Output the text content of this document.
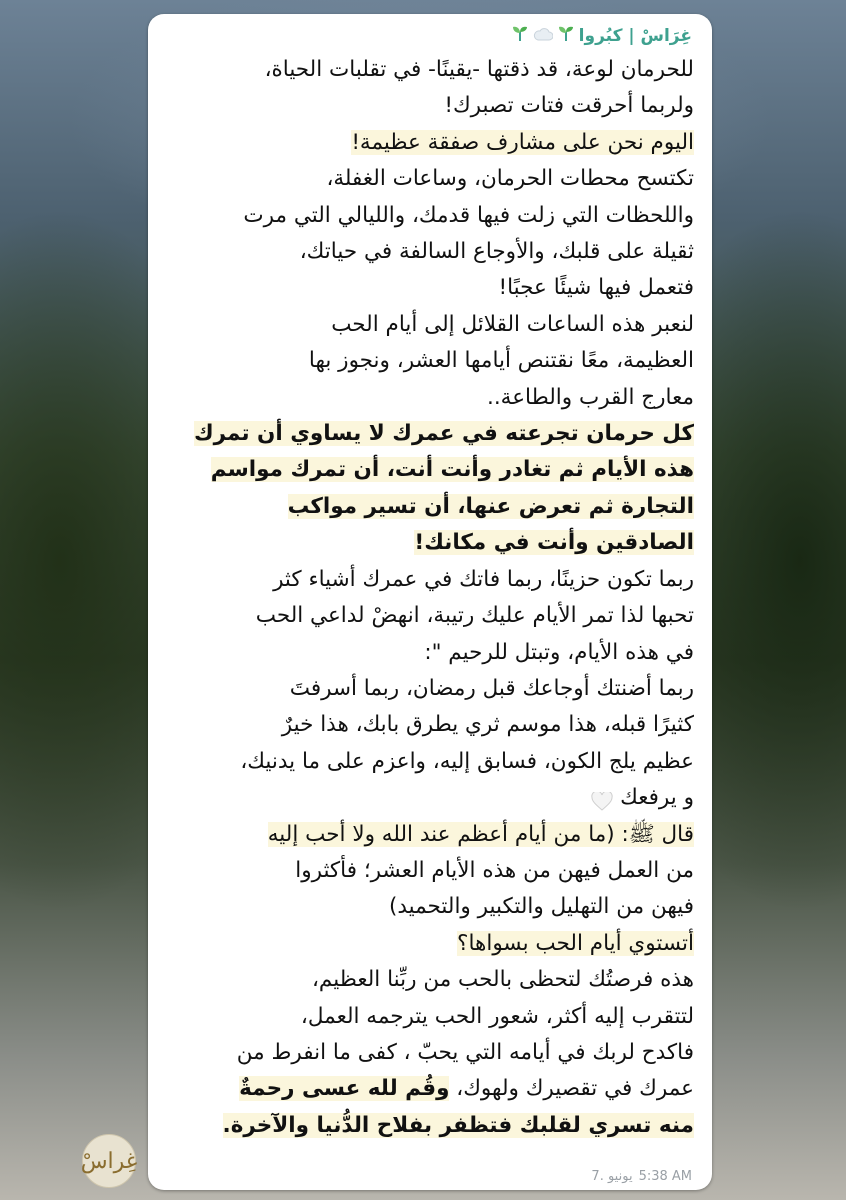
غِرَاسْ | كبُروا
للحرمان لوعة، قد ذقتها -يقينًا- في تقلبات الحياة،
ولربما أحرقت فتات تصبرك!
اليوم نحن على مشارف صفقة عظيمة!
تكتسح محطات الحرمان، وساعات الغفلة،
واللحظات التي زلت فيها قدمك، والليالي التي مرت
ثقيلة على قلبك، والأوجاع السالفة في حياتك،
فتعمل فيها شيئًا عجبًا!
لنعبر هذه الساعات القلائل إلى أيام الحب
العظيمة، معًا نقتنص أيامها العشر، ونجوز بها
معارج القرب والطاعة..
كل حرمان تجرعته في عمرك لا يساوي أن تمرك
هذه الأيام ثم تغادر وأنت أنت، أن تمرك مواسم
التجارة ثم تعرض عنها، أن تسير مواكب
الصادقين وأنت في مكانك!
ربما تكون حزينًا، ربما فاتك في عمرك أشياء كثر
تحبها لذا تمر الأيام عليك رتيبة، انهضْ لداعي الحب
في هذه الأيام، وتبتل للرحيم ":
ربما أضنتك أوجاعك قبل رمضان، ربما أسرفتَ
كثيرًا قبله، هذا موسم ثري يطرق بابك، هذا خيرٌ
عظيم يلج الكون، فسابق إليه، واعزم على ما يدنيك،
و يرفعك
قال ﷺ: (ما من أيام أعظم عند الله ولا أحب إليه
من العمل فيهن من هذه الأيام العشر؛ فأكثروا
فيهن من التهليل والتكبير والتحميد)
أتستوي أيام الحب بسواها؟
هذه فرصتُك لتحظى بالحب من ربِّنا العظيم،
لتتقرب إليه أكثر، شعور الحب يترجمه العمل،
فاكدح لربك في أيامه التي يحبّ ، كفى ما انفرط من
عمرك في تقصيرك ولهوك، وقُم لله عسى رحمةٌ
منه تسري لقلبك فتظفر بفلاح الدُّنيا والآخرة.
7. يونيو 5:38 AM
غِراسْ
